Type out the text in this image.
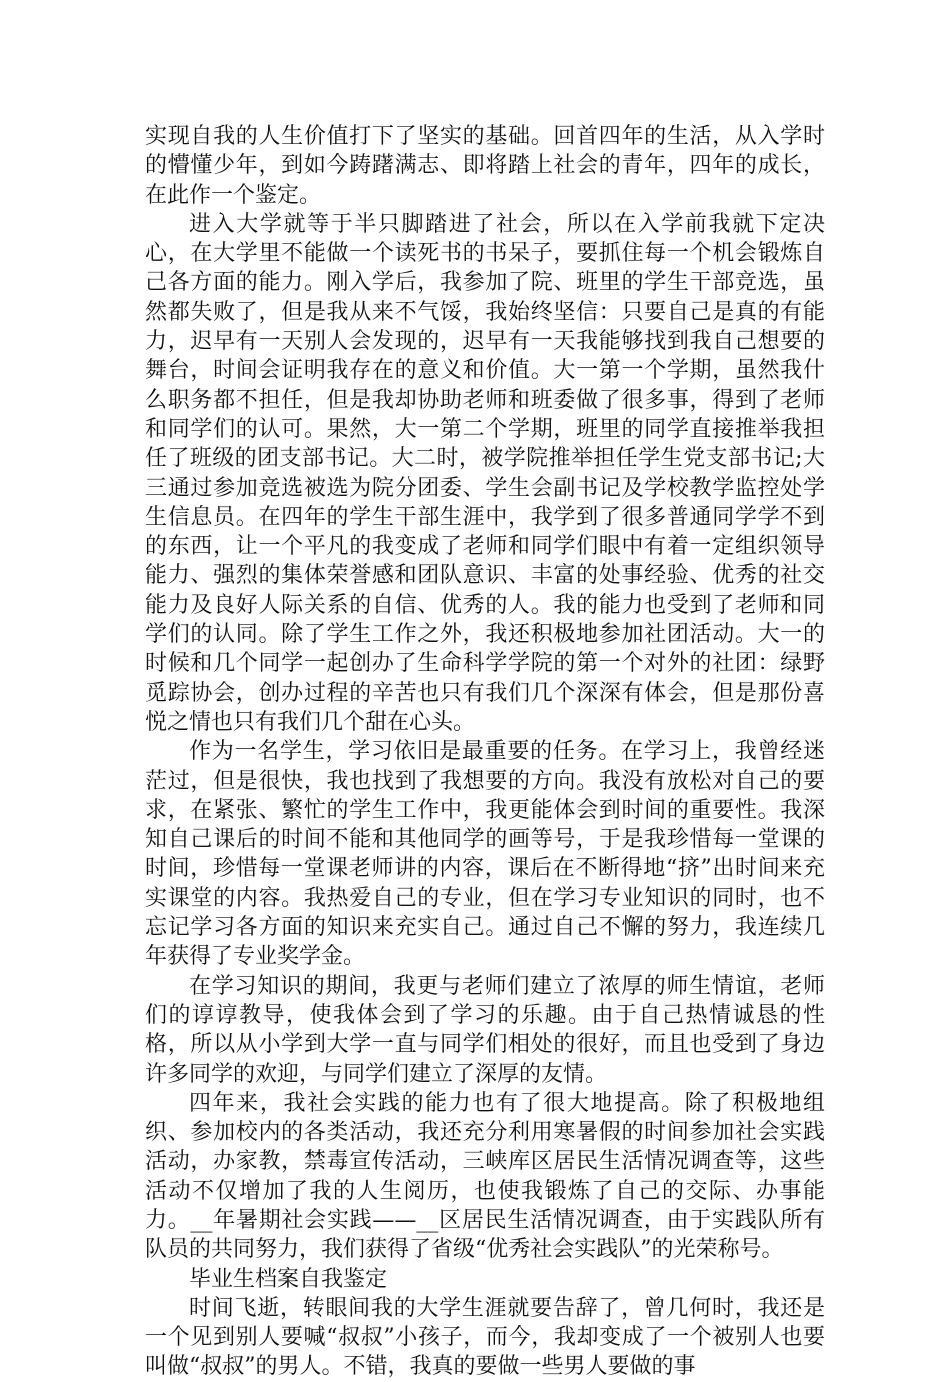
实现自我的人生价值打下了坚实的基础。回首四年的生活，从入学时的懵懂少年，到如今踌躇满志、即将踏上社会的青年，四年的成长，在此作一个鉴定。

进入大学就等于半只脚踏进了社会，所以在入学前我就下定决心，在大学里不能做一个读死书的书呆子，要抓住每一个机会锻炼自己各方面的能力。刚入学后，我参加了院、班里的学生干部竞选，虽然都失败了，但是我从来不气馁，我始终坚信：只要自己是真的有能力，迟早有一天别人会发现的，迟早有一天我能够找到我自己想要的舞台，时间会证明我存在的意义和价值。大一第一个学期，虽然我什么职务都不担任，但是我却协助老师和班委做了很多事，得到了老师和同学们的认可。果然，大一第二个学期，班里的同学直接推举我担任了班级的团支部书记。大二时，被学院推举担任学生党支部书记;大三通过参加竞选被选为院分团委、学生会副书记及学校教学监控处学生信息员。在四年的学生干部生涯中，我学到了很多普通同学学不到的东西，让一个平凡的我变成了老师和同学们眼中有着一定组织领导能力、强烈的集体荣誉感和团队意识、丰富的处事经验、优秀的社交能力及良好人际关系的自信、优秀的人。我的能力也受到了老师和同学们的认同。除了学生工作之外，我还积极地参加社团活动。大一的时候和几个同学一起创办了生命科学学院的第一个对外的社团：绿野觅踪协会，创办过程的辛苦也只有我们几个深深有体会，但是那份喜悦之情也只有我们几个甜在心头。

作为一名学生，学习依旧是最重要的任务。在学习上，我曾经迷茫过，但是很快，我也找到了我想要的方向。我没有放松对自己的要求，在紧张、繁忙的学生工作中，我更能体会到时间的重要性。我深知自己课后的时间不能和其他同学的画等号，于是我珍惜每一堂课的时间，珍惜每一堂课老师讲的内容，课后在不断得地“挤”出时间来充实课堂的内容。我热爱自己的专业，但在学习专业知识的同时，也不忘记学习各方面的知识来充实自己。通过自己不懈的努力，我连续几年获得了专业奖学金。

在学习知识的期间，我更与老师们建立了浓厚的师生情谊，老师们的谆谆教导，使我体会到了学习的乐趣。由于自己热情诚恳的性格，所以从小学到大学一直与同学们相处的很好，而且也受到了身边许多同学的欢迎，与同学们建立了深厚的友情。

四年来，我社会实践的能力也有了很大地提高。除了积极地组织、参加校内的各类活动，我还充分利用寒暑假的时间参加社会实践活动，办家教，禁毒宣传活动，三峡库区居民生活情况调查等，这些活动不仅增加了我的人生阅历，也使我锻炼了自己的交际、办事能力。__年暑期社会实践——__区居民生活情况调查，由于实践队所有队员的共同努力，我们获得了省级“优秀社会实践队”的光荣称号。

毕业生档案自我鉴定

时间飞逝，转眼间我的大学生涯就要告辞了，曾几何时，我还是一个见到别人要喊“叔叔”小孩子，而今，我却变成了一个被别人也要叫做“叔叔”的男人。不错，我真的要做一些男人要做的事
